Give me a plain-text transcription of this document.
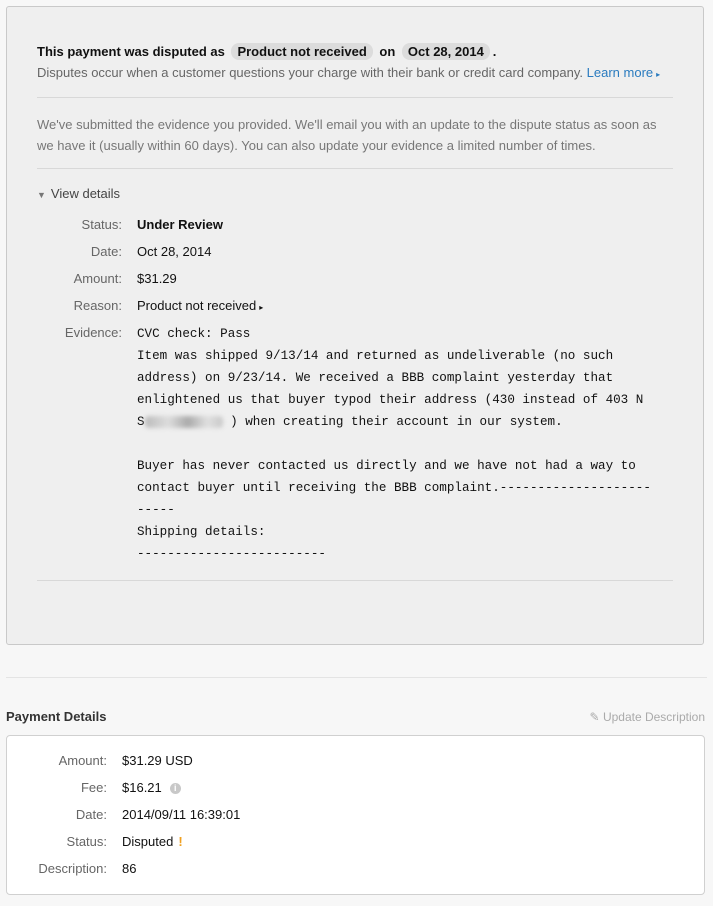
This payment was disputed as Product not received on Oct 28, 2014 .
Disputes occur when a customer questions your charge with their bank or credit card company. Learn more ▸
We've submitted the evidence you provided. We'll email you with an update to the dispute status as soon as we have it (usually within 60 days). You can also update your evidence a limited number of times.
▼ View details
Status: Under Review
Date: Oct 28, 2014
Amount: $31.29
Reason: Product not received ▸
Evidence: CVC check: Pass
Item was shipped 9/13/14 and returned as undeliverable (no such
address) on 9/23/14. We received a BBB complaint yesterday that
enlightened us that buyer typod their address (430 instead of 403 N
S	) when creating their account in our system.

Buyer has never contacted us directly and we have not had a way to
contact buyer until receiving the BBB complaint.--------------------
-----
Shipping details:
-------------------------
Payment Details	✎ Update Description
Amount: $31.29 USD
Fee: $16.21 i
Date: 2014/09/11 16:39:01
Status: Disputed !
Description: 86
